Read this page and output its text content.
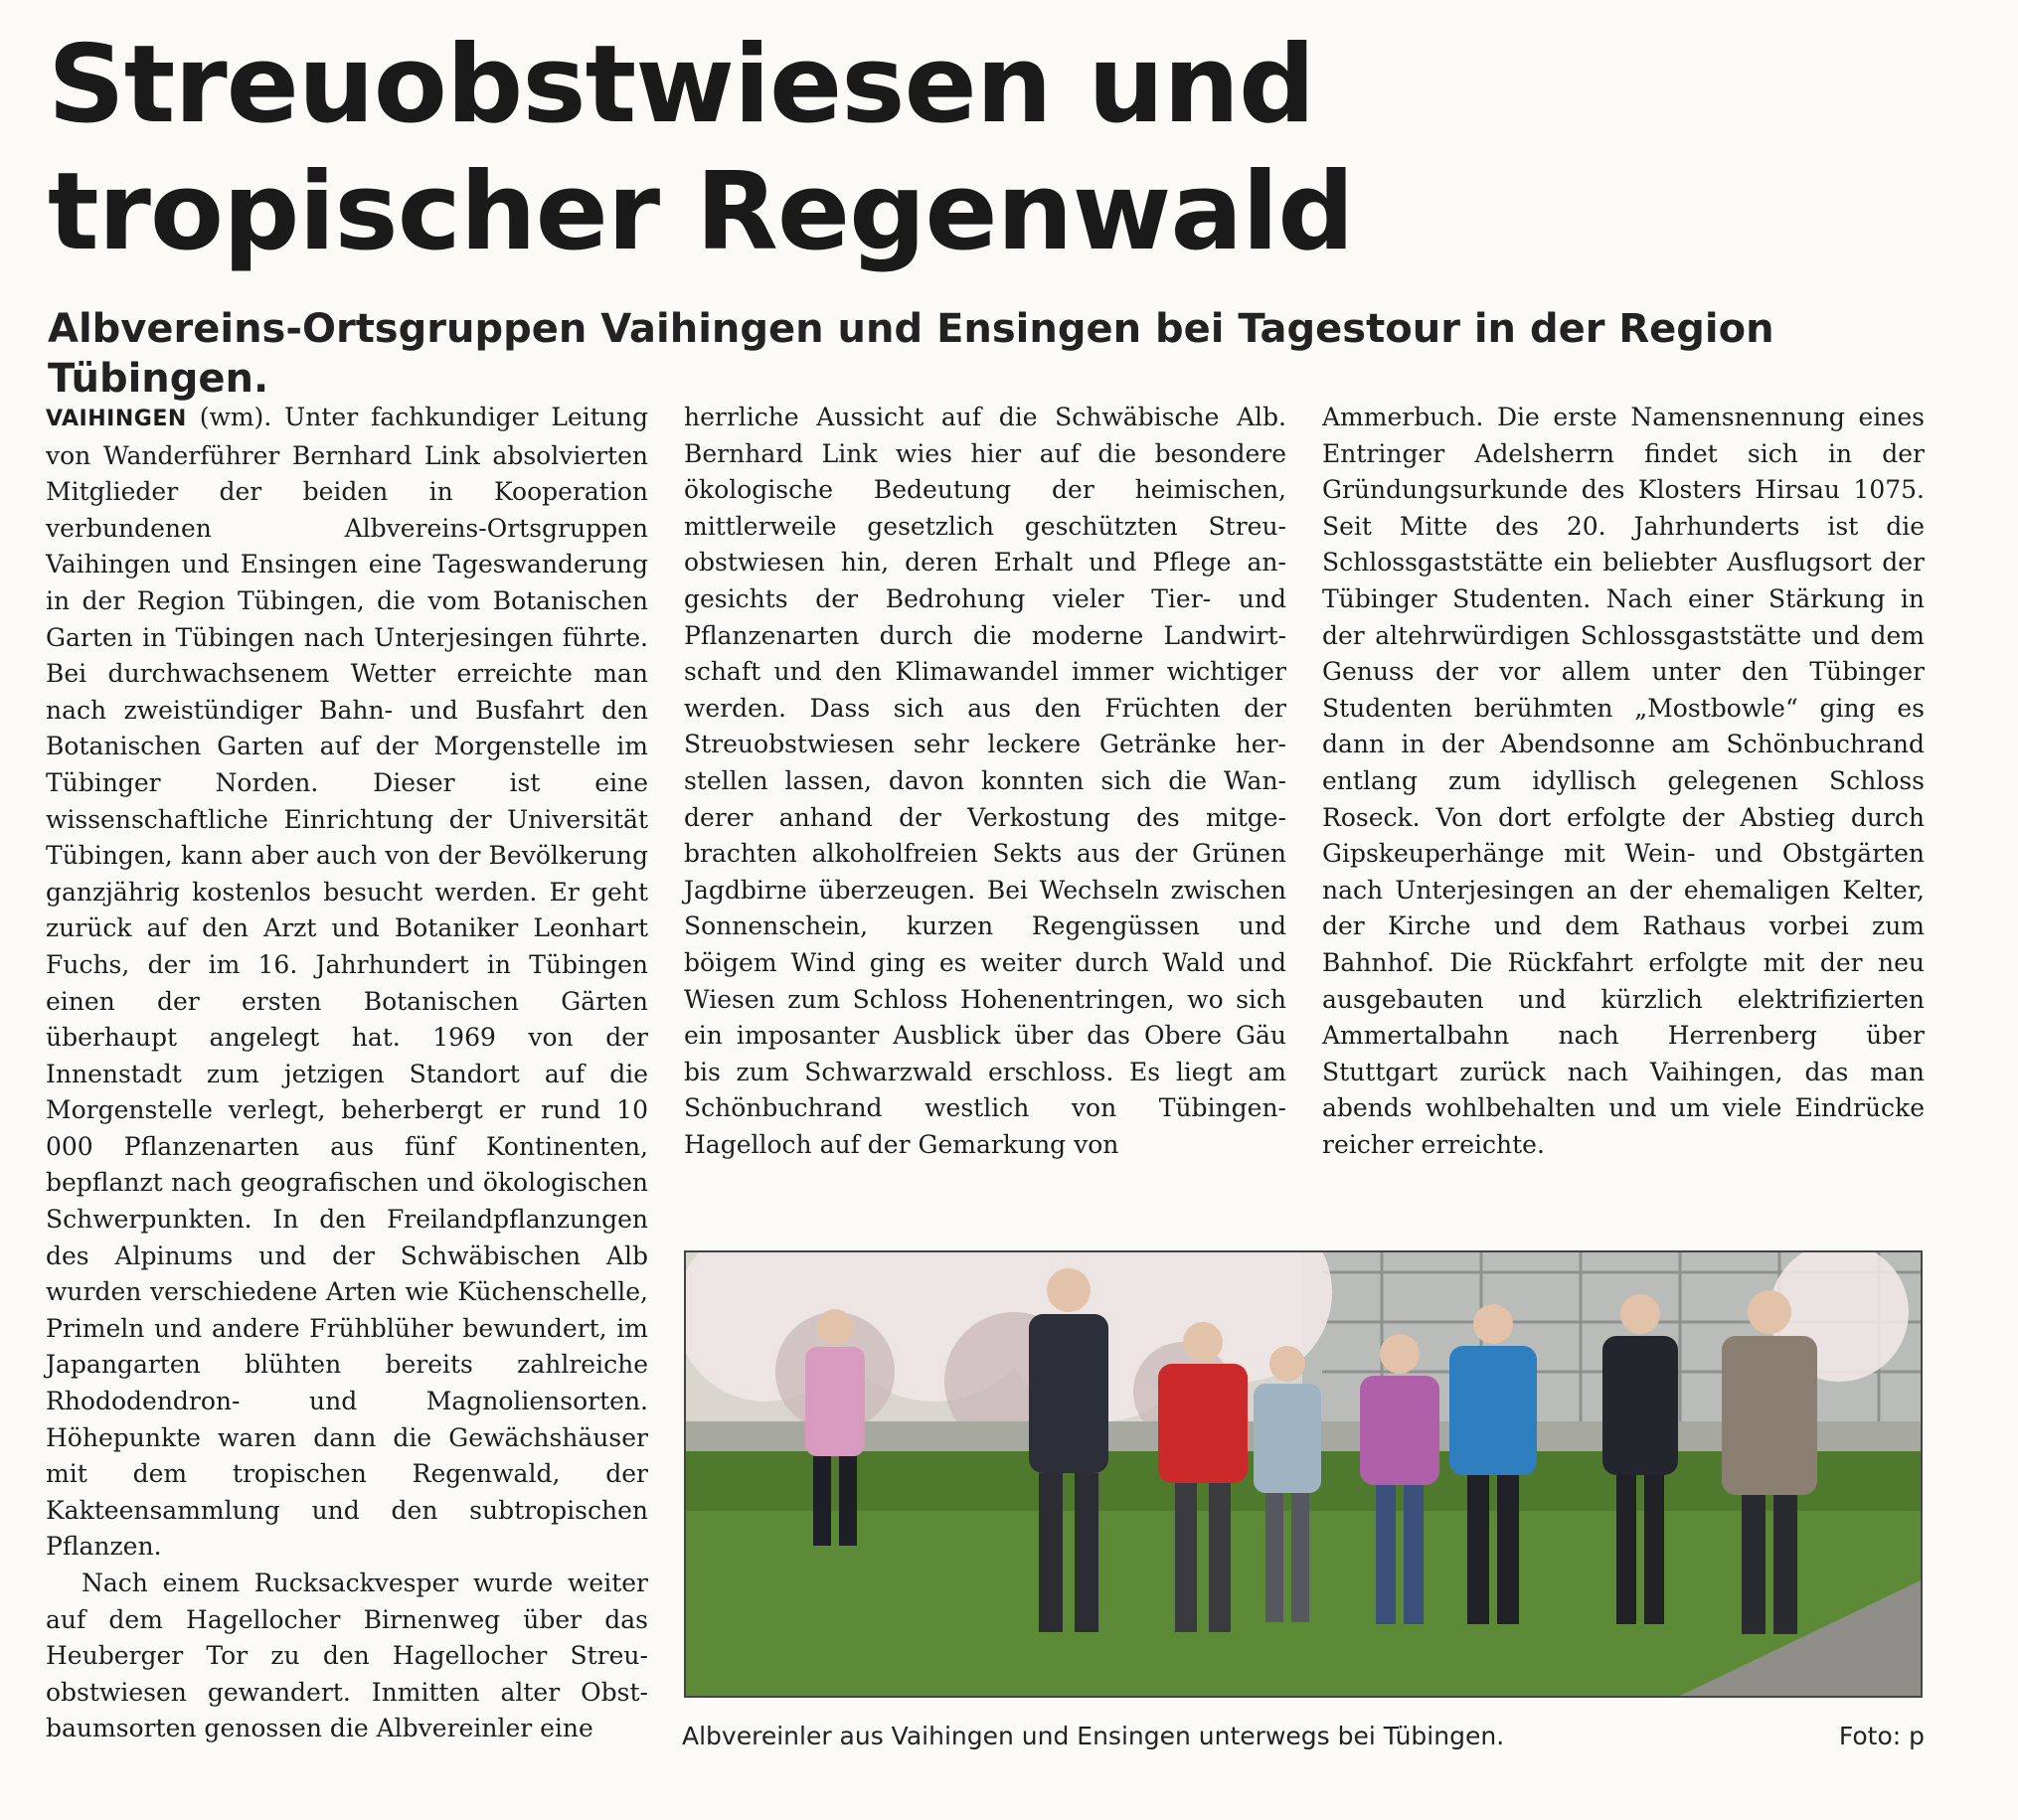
Streuobstwiesen und
tropischer Regenwald
Albvereins-Ortsgruppen Vaihingen und Ensingen bei Tagestour in der Region Tübingen.

VAIHINGEN (wm). Unter fachkundiger Leitung von Wanderführer Bernhard Link absolvierten Mitglieder der beiden in Kooperation verbundenen Albvereins-Ortsgruppen Vaihingen und Ensingen eine Tageswanderung in der Region Tübingen, die vom Botanischen Garten in Tübingen nach Unterjesingen führte. Bei durchwachsenem Wetter erreichte man nach zweistündiger Bahn- und Busfahrt den Botanischen Garten auf der Morgenstelle im Tübinger Norden. Dieser ist eine wissenschaftliche Einrichtung der Universität Tübingen, kann aber auch von der Bevölkerung ganzjährig kostenlos besucht werden. Er geht zurück auf den Arzt und Botaniker Leonhart Fuchs, der im 16. Jahrhundert in Tübingen einen der ersten Botanischen Gärten überhaupt angelegt hat. 1969 von der Innenstadt zum jetzigen Standort auf die Morgenstelle verlegt, beherbergt er rund 10 000 Pflanzenarten aus fünf Kontinenten, bepflanzt nach geografischen und ökologischen Schwerpunkten. In den Freilandpflanzungen des Alpinums und der Schwäbischen Alb wurden verschiedene Arten wie Küchenschelle, Primeln und andere Frühblüher bewundert, im Japangarten blühten bereits zahlreiche Rhododendron- und Magnoliensorten. Höhepunkte waren dann die Gewächshäuser mit dem tropischen Regenwald, der Kakteensammlung und den subtropischen Pflanzen.

Nach einem Rucksackvesper wurde weiter auf dem Hagellocher Birnenweg über das Heuberger Tor zu den Hagellocher Streuobstwiesen gewandert. Inmitten alter Obstbaumsorten genossen die Albvereinler eine

herrliche Aussicht auf die Schwäbische Alb. Bernhard Link wies hier auf die besondere ökologische Bedeutung der heimischen, mittlerweile gesetzlich geschützten Streuobstwiesen hin, deren Erhalt und Pflege angesichts der Bedrohung vieler Tier- und Pflanzenarten durch die moderne Landwirtschaft und den Klimawandel immer wichtiger werden. Dass sich aus den Früchten der Streuobstwiesen sehr leckere Getränke herstellen lassen, davon konnten sich die Wanderer anhand der Verkostung des mitgebrachten alkoholfreien Sekts aus der Grünen Jagdbirne überzeugen. Bei Wechseln zwischen Sonnenschein, kurzen Regengüssen und böigem Wind ging es weiter durch Wald und Wiesen zum Schloss Hohenentringen, wo sich ein imposanter Ausblick über das Obere Gäu bis zum Schwarzwald erschloss. Es liegt am Schönbuchrand westlich von Tübingen-Hagelloch auf der Gemarkung von

Ammerbuch. Die erste Namensnennung eines Entringer Adelsherrn findet sich in der Gründungsurkunde des Klosters Hirsau 1075. Seit Mitte des 20. Jahrhunderts ist die Schlossgaststätte ein beliebter Ausflugsort der Tübinger Studenten. Nach einer Stärkung in der altehrwürdigen Schlossgaststätte und dem Genuss der vor allem unter den Tübinger Studenten berühmten „Mostbowle“ ging es dann in der Abendsonne am Schönbuchrand entlang zum idyllisch gelegenen Schloss Roseck. Von dort erfolgte der Abstieg durch Gipskeuperhänge mit Wein- und Obstgärten nach Unterjesingen an der ehemaligen Kelter, der Kirche und dem Rathaus vorbei zum Bahnhof. Die Rückfahrt erfolgte mit der neu ausgebauten und kürzlich elektrifizierten Ammertalbahn nach Herrenberg über Stuttgart zurück nach Vaihingen, das man abends wohlbehalten und um viele Eindrücke reicher erreichte.

Albvereinler aus Vaihingen und Ensingen unterwegs bei Tübingen.	Foto: p
